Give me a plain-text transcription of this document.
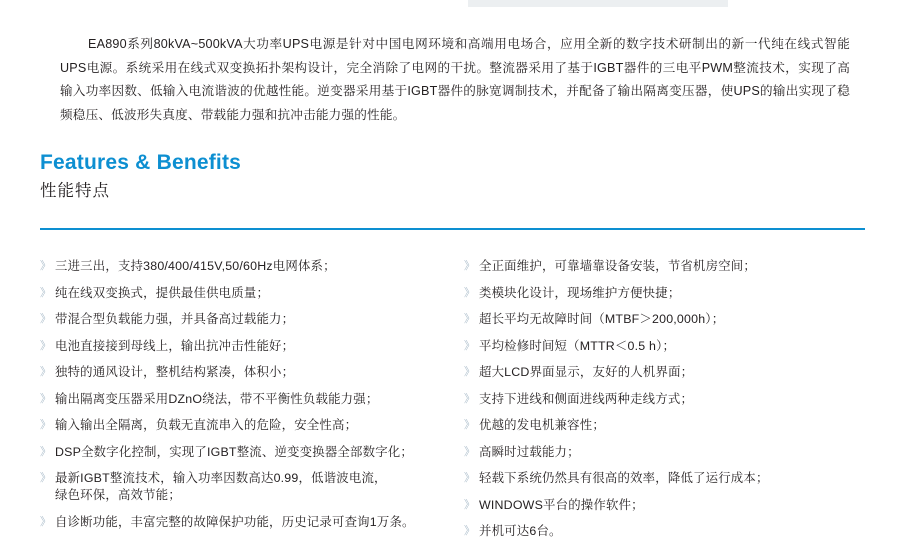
EA890系列80kVA~500kVA大功率UPS电源是针对中国电网环境和高端用电场合，应用全新的数字技术研制出的新一代纯在线式智能UPS电源。系统采用在线式双变换拓扑架构设计，完全消除了电网的干扰。整流器采用了基于IGBT器件的三电平PWM整流技术，实现了高输入功率因数、低输入电流谐波的优越性能。逆变器采用基于IGBT器件的脉宽调制技术，并配备了输出隔离变压器，使UPS的输出实现了稳频稳压、低波形失真度、带载能力强和抗冲击能力强的性能。
Features & Benefits
性能特点
》 三进三出，支持380/400/415V,50/60Hz电网体系；
》 纯在线双变换式，提供最佳供电质量；
》 带混合型负载能力强，并具备高过载能力；
》 电池直接接到母线上，输出抗冲击性能好；
》 独特的通风设计，整机结构紧凑，体积小；
》 输出隔离变压器采用DZnO绕法，带不平衡性负载能力强；
》 输入输出全隔离，负载无直流串入的危险，安全性高；
》 DSP全数字化控制，实现了IGBT整流、逆变变换器全部数字化；
》 最新IGBT整流技术，输入功率因数高达0.99，低谐波电流，
绿色环保，高效节能；
》 自诊断功能，丰富完整的故障保护功能，历史记录可查询1万条。
》 全正面维护，可靠墙靠设备安装，节省机房空间；
》 类模块化设计，现场维护方便快捷；
》 超长平均无故障时间（MTBF＞200,000h）；
》 平均检修时间短（MTTR＜0.5 h）；
》 超大LCD界面显示，友好的人机界面；
》 支持下进线和侧面进线两种走线方式；
》 优越的发电机兼容性；
》 高瞬时过载能力；
》 轻载下系统仍然具有很高的效率，降低了运行成本；
》 WINDOWS平台的操作软件；
》 并机可达6台。
